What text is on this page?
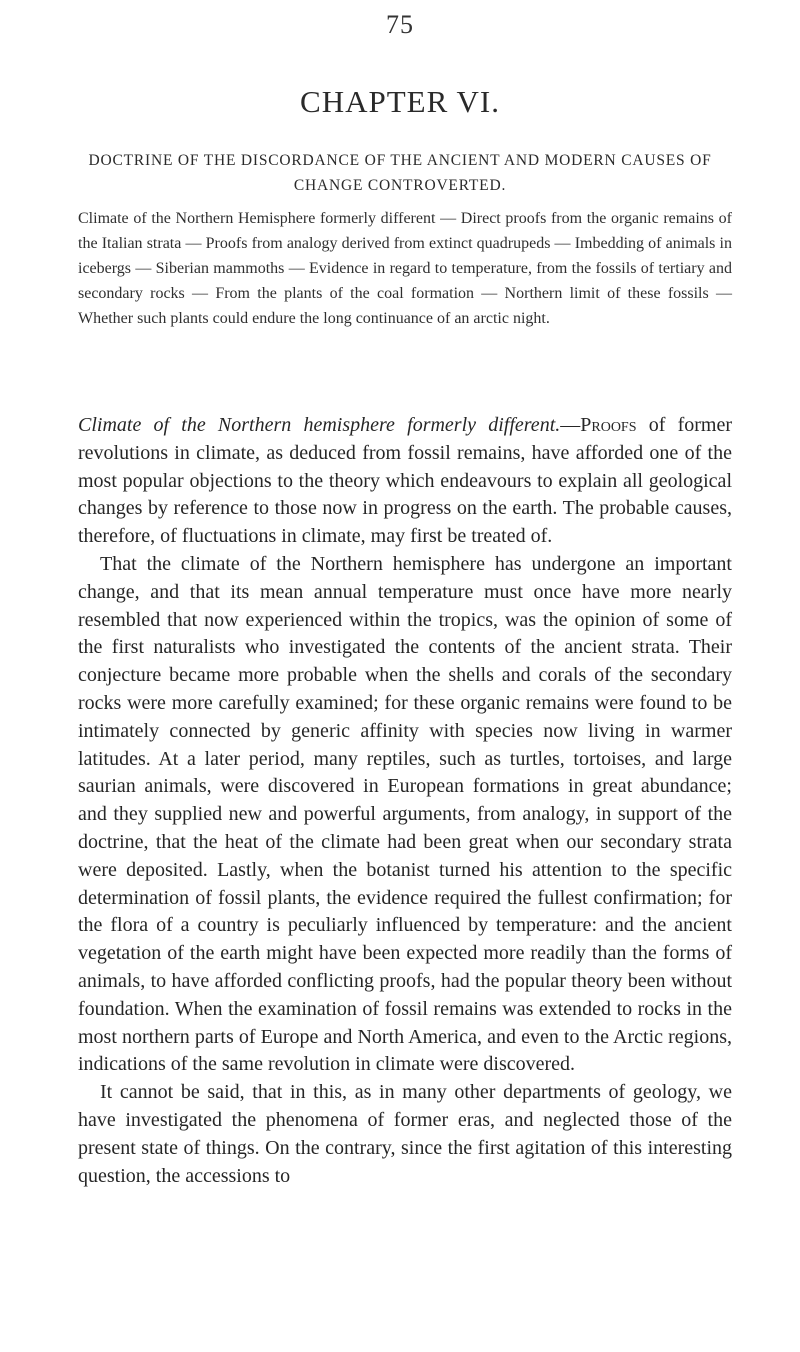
75
CHAPTER VI.
DOCTRINE OF THE DISCORDANCE OF THE ANCIENT AND MODERN CAUSES OF CHANGE CONTROVERTED.
Climate of the Northern Hemisphere formerly different — Direct proofs from the organic remains of the Italian strata — Proofs from analogy derived from extinct quadrupeds — Imbedding of animals in icebergs — Siberian mammoths — Evidence in regard to temperature, from the fossils of tertiary and secondary rocks — From the plants of the coal formation — Northern limit of these fossils — Whether such plants could endure the long continuance of an arctic night.

Climate of the Northern hemisphere formerly different.—Proofs of former revolutions in climate, as deduced from fossil remains, have afforded one of the most popular objections to the theory which endeavours to explain all geological changes by reference to those now in progress on the earth. The probable causes, therefore, of fluctuations in climate, may first be treated of.

That the climate of the Northern hemisphere has undergone an important change, and that its mean annual temperature must once have more nearly resembled that now experienced within the tropics, was the opinion of some of the first naturalists who investigated the contents of the ancient strata. Their conjecture became more probable when the shells and corals of the secondary rocks were more carefully examined; for these organic remains were found to be intimately connected by generic affinity with species now living in warmer latitudes. At a later period, many reptiles, such as turtles, tortoises, and large saurian animals, were discovered in European formations in great abundance; and they supplied new and powerful arguments, from analogy, in support of the doctrine, that the heat of the climate had been great when our secondary strata were deposited. Lastly, when the botanist turned his attention to the specific determination of fossil plants, the evidence required the fullest confirmation; for the flora of a country is peculiarly influenced by temperature: and the ancient vegetation of the earth might have been expected more readily than the forms of animals, to have afforded conflicting proofs, had the popular theory been without foundation. When the examination of fossil remains was extended to rocks in the most northern parts of Europe and North America, and even to the Arctic regions, indications of the same revolution in climate were discovered.

It cannot be said, that in this, as in many other departments of geology, we have investigated the phenomena of former eras, and neglected those of the present state of things. On the contrary, since the first agitation of this interesting question, the accessions to
